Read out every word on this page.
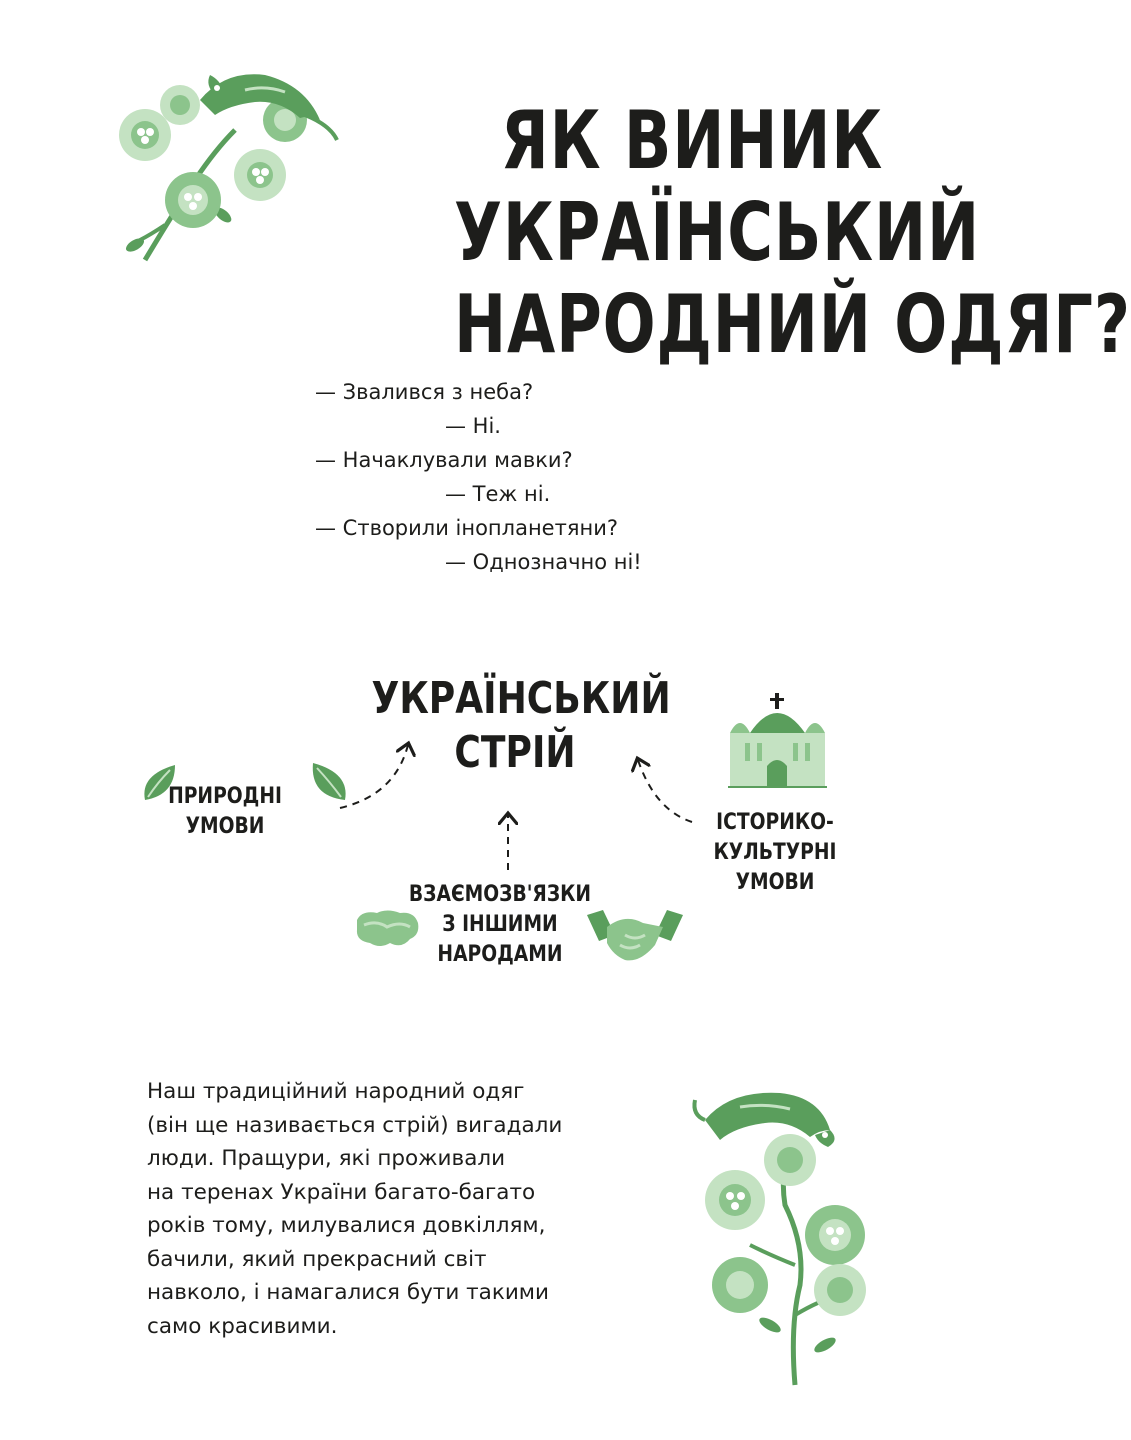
ЯК ВИНИК
УКРАЇНСЬКИЙ
НАРОДНИЙ ОДЯГ?
— Звалився з неба?
— Ні.
— Начаклували мавки?
— Теж ні.
— Створили інопланетяни?
— Однозначно ні!
УКРАЇНСЬКИЙ
СТРІЙ
ПРИРОДНІ
УМОВИ	ІСТОРИКО-
КУЛЬТУРНІ
УМОВИ
ВЗАЄМОЗВ'ЯЗКИ
З ІНШИМИ
НАРОДАМИ
Наш традиційний народний одяг
(він ще називається стрій) вигадали
люди. Пращури, які проживали
на теренах України багато-багато
років тому, милувалися довкіллям,
бачили, який прекрасний світ
навколо, і намагалися бути такими
само красивими.
